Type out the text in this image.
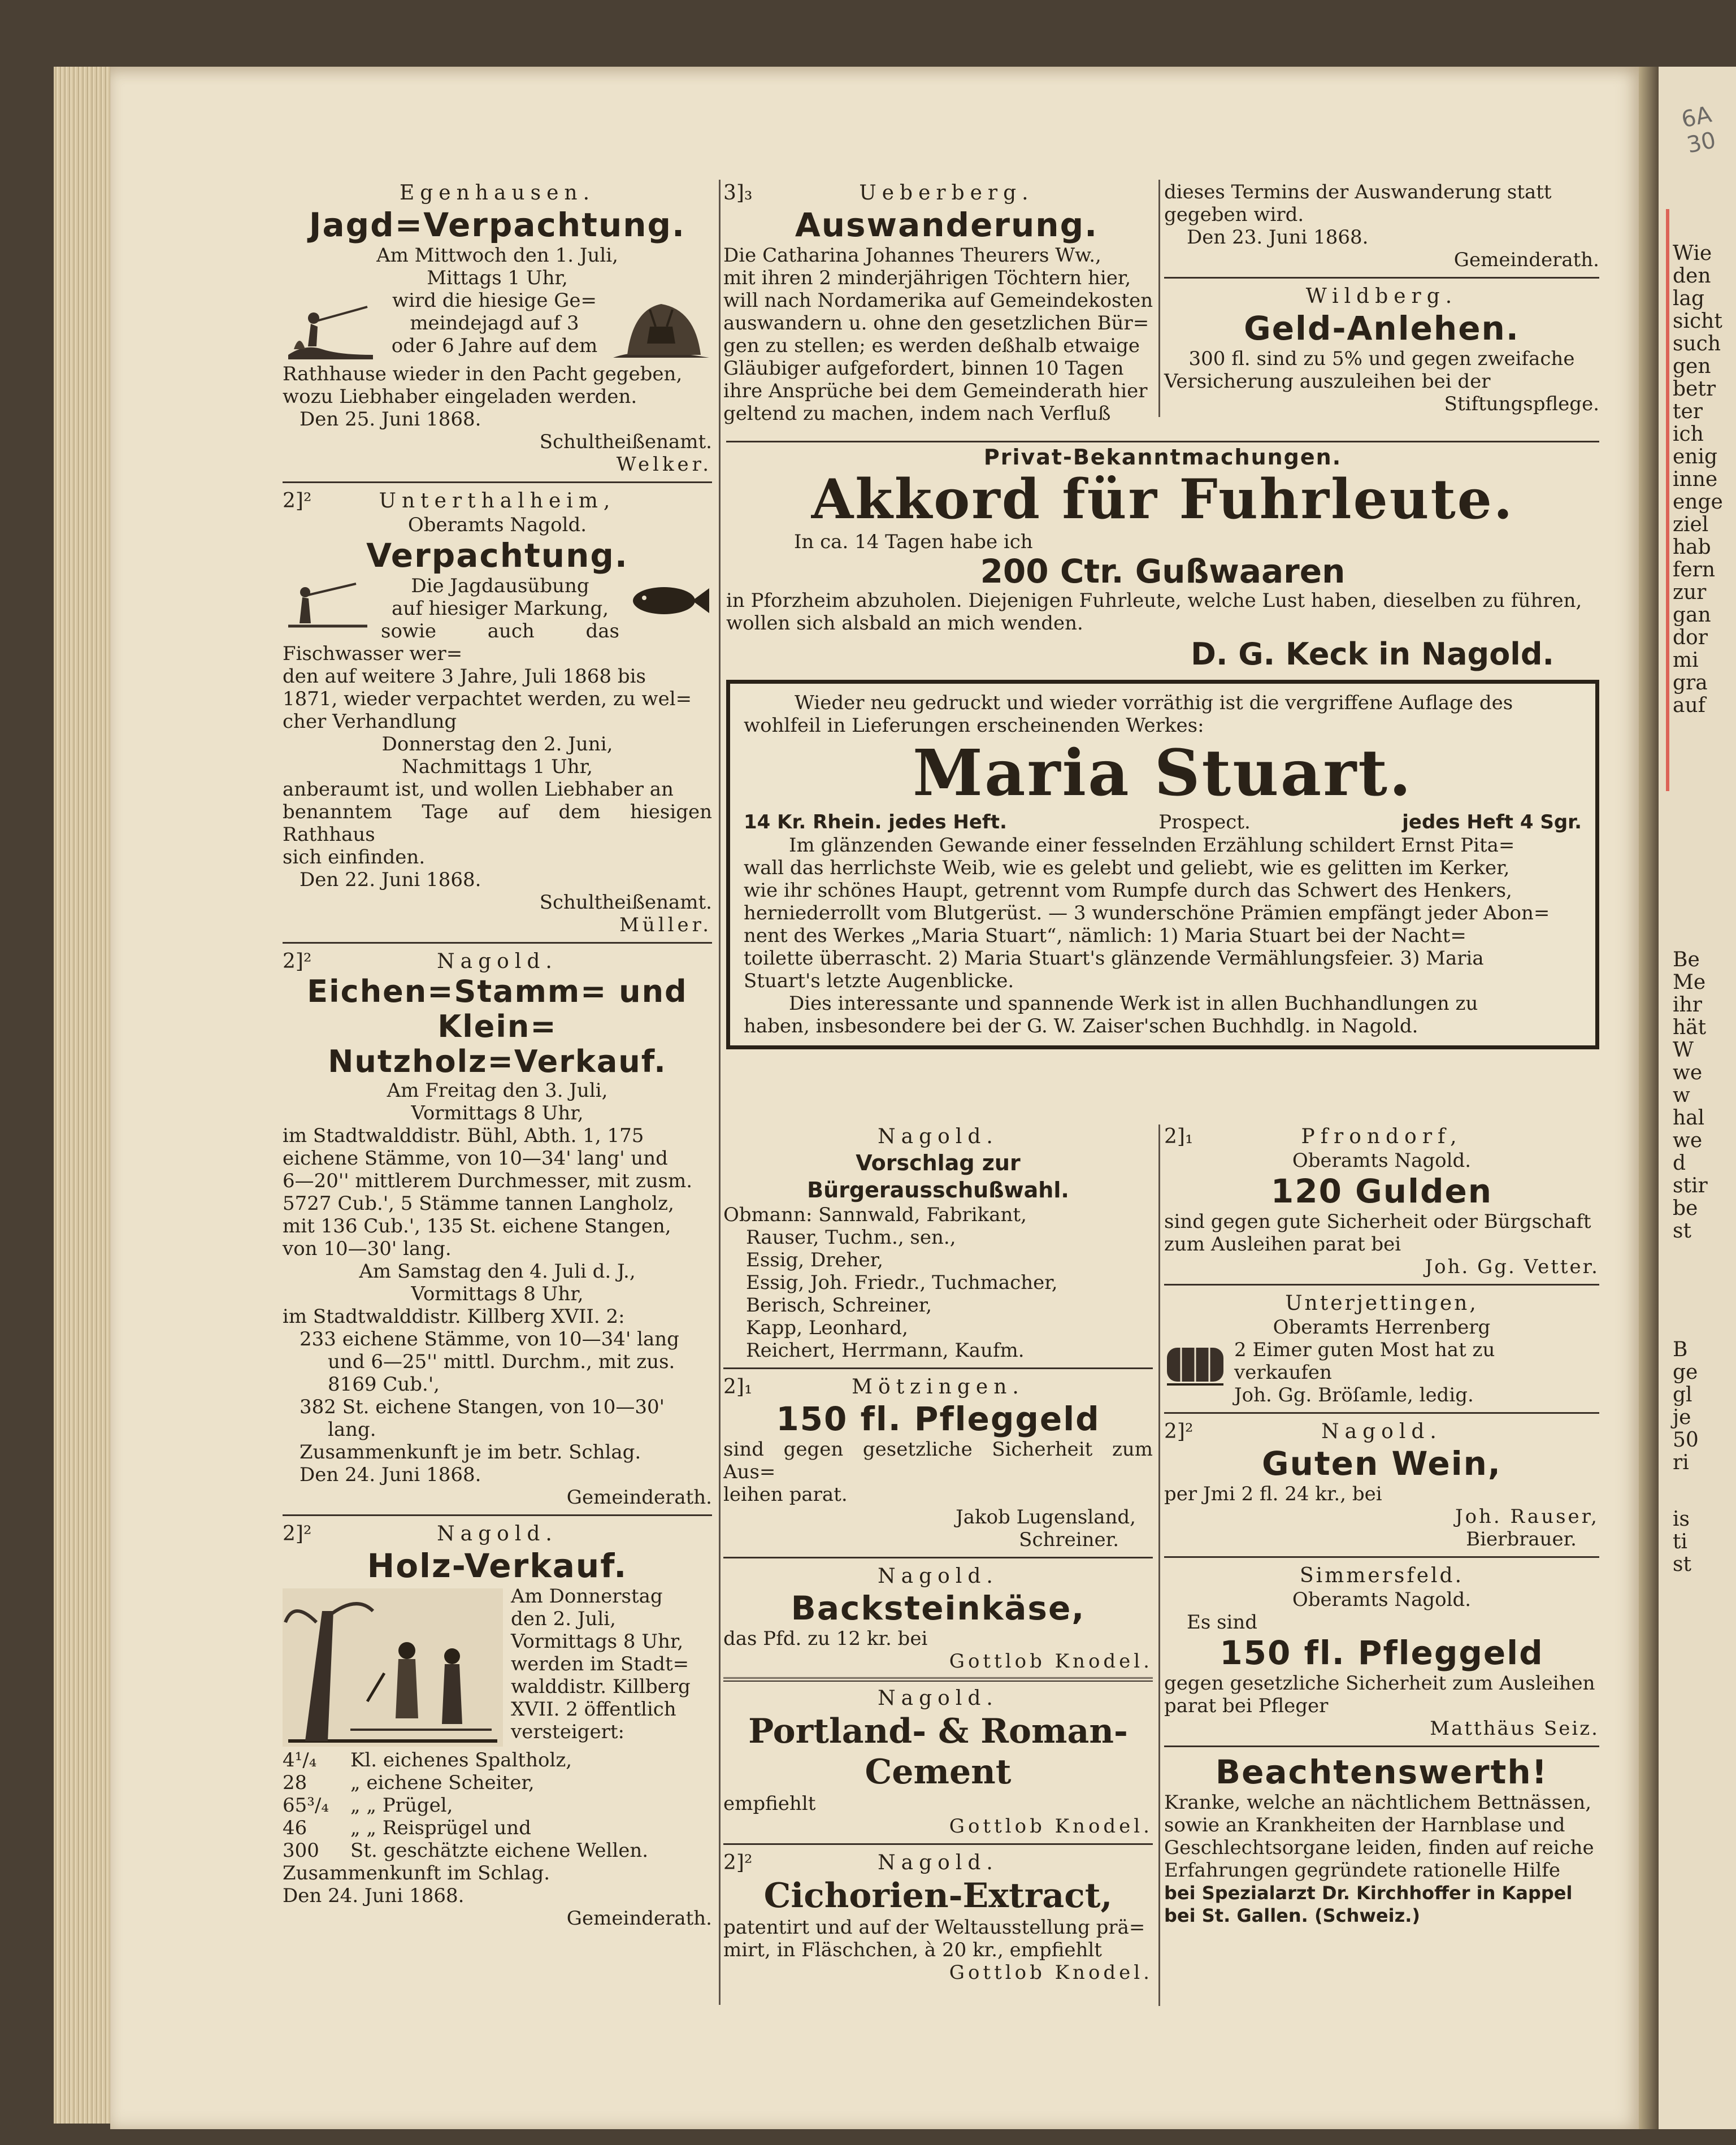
Wie
den
lag
sicht
such
gen
betr
ter
ich
enig
inne
enge
ziel
hab
fern
zur
gan
dor
mi
gra
auf
Be
Me
ihr
hät
W
we
w
hal
we
d
stir
be
st
B
ge
gl
je
50
ri
is
ti
st
6A 30
Egenhausen.
Jagd=Verpachtung.
Am Mittwoch den 1. Juli,
Mittags 1 Uhr,
wird die hiesige Ge=
meindejagd auf 3
oder 6 Jahre auf dem
Rathhause wieder in den Pacht gegeben,
wozu Liebhaber eingeladen werden.
Den 25. Juni 1868.
Schultheißenamt.
Welker.
2]²	Unterthalheim,
Oberamts Nagold.
Verpachtung.
Die Jagdausübung
auf hiesiger Markung,
sowie auch das Fischwasser wer=
den auf weitere 3 Jahre, Juli 1868 bis
1871, wieder verpachtet werden, zu wel=
cher Verhandlung
Donnerstag den 2. Juni,
Nachmittags 1 Uhr,
anberaumt ist, und wollen Liebhaber an
benanntem Tage auf dem hiesigen Rathhaus
sich einfinden.
Den 22. Juni 1868.
Schultheißenamt.
Müller.
2]²	Nagold.
Eichen=Stamm= und Klein=
Nutzholz=Verkauf.
Am Freitag den 3. Juli,
Vormittags 8 Uhr,
im Stadtwalddistr. Bühl, Abth. 1, 175
eichene Stämme, von 10—34' lang' und
6—20'' mittlerem Durchmesser, mit zusm.
5727 Cub.', 5 Stämme tannen Langholz,
mit 136 Cub.', 135 St. eichene Stangen,
von 10—30' lang.
Am Samstag den 4. Juli d. J.,
Vormittags 8 Uhr,
im Stadtwalddistr. Killberg XVII. 2:
233 eichene Stämme, von 10—34' lang
und 6—25'' mittl. Durchm., mit zus.
8169 Cub.',
382 St. eichene Stangen, von 10—30'
lang.
Zusammenkunft je im betr. Schlag.
Den 24. Juni 1868.
Gemeinderath.
2]²	Nagold.
Holz-Verkauf.
Am Donnerstag
den 2. Juli,
Vormittags 8 Uhr,
werden im Stadt=
walddistr. Killberg
XVII. 2 öffentlich
versteigert:
4¹/₄	Kl. eichenes Spaltholz,
28	„ eichene Scheiter,
65³/₄	„ „ Prügel,
46	„ „ Reisprügel und
300	St. geschätzte eichene Wellen.
Zusammenkunft im Schlag.
Den 24. Juni 1868.
Gemeinderath.
3]₃	Ueberberg.
Auswanderung.
Die Catharina Johannes Theurers Ww.,
mit ihren 2 minderjährigen Töchtern hier,
will nach Nordamerika auf Gemeindekosten
auswandern u. ohne den gesetzlichen Bür=
gen zu stellen; es werden deßhalb etwaige
Gläubiger aufgefordert, binnen 10 Tagen
ihre Ansprüche bei dem Gemeinderath hier
geltend zu machen, indem nach Verfluß
dieses Termins der Auswanderung statt
gegeben wird.
Den 23. Juni 1868.
Gemeinderath.
Wildberg.
Geld-Anlehen.
300 fl. sind zu 5% und gegen zweifache
Versicherung auszuleihen bei der
Stiftungspflege.
Privat-Bekanntmachungen.
Akkord für Fuhrleute.
In ca. 14 Tagen habe ich
200 Ctr. Gußwaaren
in Pforzheim abzuholen. Diejenigen Fuhrleute, welche Lust haben, dieselben zu führen,
wollen sich alsbald an mich wenden.
D. G. Keck in Nagold.
Wieder neu gedruckt und wieder vorräthig ist die vergriffene Auflage des
wohlfeil in Lieferungen erscheinenden Werkes:
Maria Stuart.
14 Kr. Rhein. jedes Heft.	Prospect.	jedes Heft 4 Sgr.
Im glänzenden Gewande einer fesselnden Erzählung schildert Ernst Pita=
wall das herrlichste Weib, wie es gelebt und geliebt, wie es gelitten im Kerker,
wie ihr schönes Haupt, getrennt vom Rumpfe durch das Schwert des Henkers,
herniederrollt vom Blutgerüst. — 3 wunderschöne Prämien empfängt jeder Abon=
nent des Werkes „Maria Stuart“, nämlich: 1) Maria Stuart bei der Nacht=
toilette überrascht. 2) Maria Stuart's glänzende Vermählungsfeier. 3) Maria
Stuart's letzte Augenblicke.
Dies interessante und spannende Werk ist in allen Buchhandlungen zu
haben, insbesondere bei der G. W. Zaiser'schen Buchhdlg. in Nagold.
Nagold.
Vorschlag zur Bürgerausschußwahl.
Obmann: Sannwald, Fabrikant,
Rauser, Tuchm., sen.,
Essig, Dreher,
Essig, Joh. Friedr., Tuchmacher,
Berisch, Schreiner,
Kapp, Leonhard,
Reichert, Herrmann, Kaufm.
2]₁	Mötzingen.
150 fl. Pfleggeld
sind gegen gesetzliche Sicherheit zum Aus=
leihen parat.
Jakob Lugensland,
Schreiner.
Nagold.
Backsteinkäse,
das Pfd. zu 12 kr. bei
Gottlob Knodel.
Nagold.
Portland- & Roman-
Cement
empfiehlt
Gottlob Knodel.
2]²	Nagold.
Cichorien-Extract,
patentirt und auf der Weltausstellung prä=
mirt, in Fläschchen, à 20 kr., empfiehlt
Gottlob Knodel.
2]₁	Pfrondorf,
Oberamts Nagold.
120 Gulden
sind gegen gute Sicherheit oder Bürgschaft
zum Ausleihen parat bei
Joh. Gg. Vetter.
Unterjettingen,
Oberamts Herrenberg
2 Eimer guten Most hat zu
verkaufen
Joh. Gg. Bröſamle, ledig.
2]²	Nagold.
Guten Wein,
per Jmi 2 fl. 24 kr., bei
Joh. Rauser,
Bierbrauer.
Simmersfeld.
Oberamts Nagold.
Es sind
150 fl. Pfleggeld
gegen gesetzliche Sicherheit zum Ausleihen
parat bei Pfleger
Matthäus Seiz.
Beachtenswerth!
Kranke, welche an nächtlichem Bettnässen,
sowie an Krankheiten der Harnblase und
Geschlechtsorgane leiden, finden auf reiche
Erfahrungen gegründete rationelle Hilfe
bei Spezialarzt Dr. Kirchhoffer in Kappel
bei St. Gallen. (Schweiz.)
